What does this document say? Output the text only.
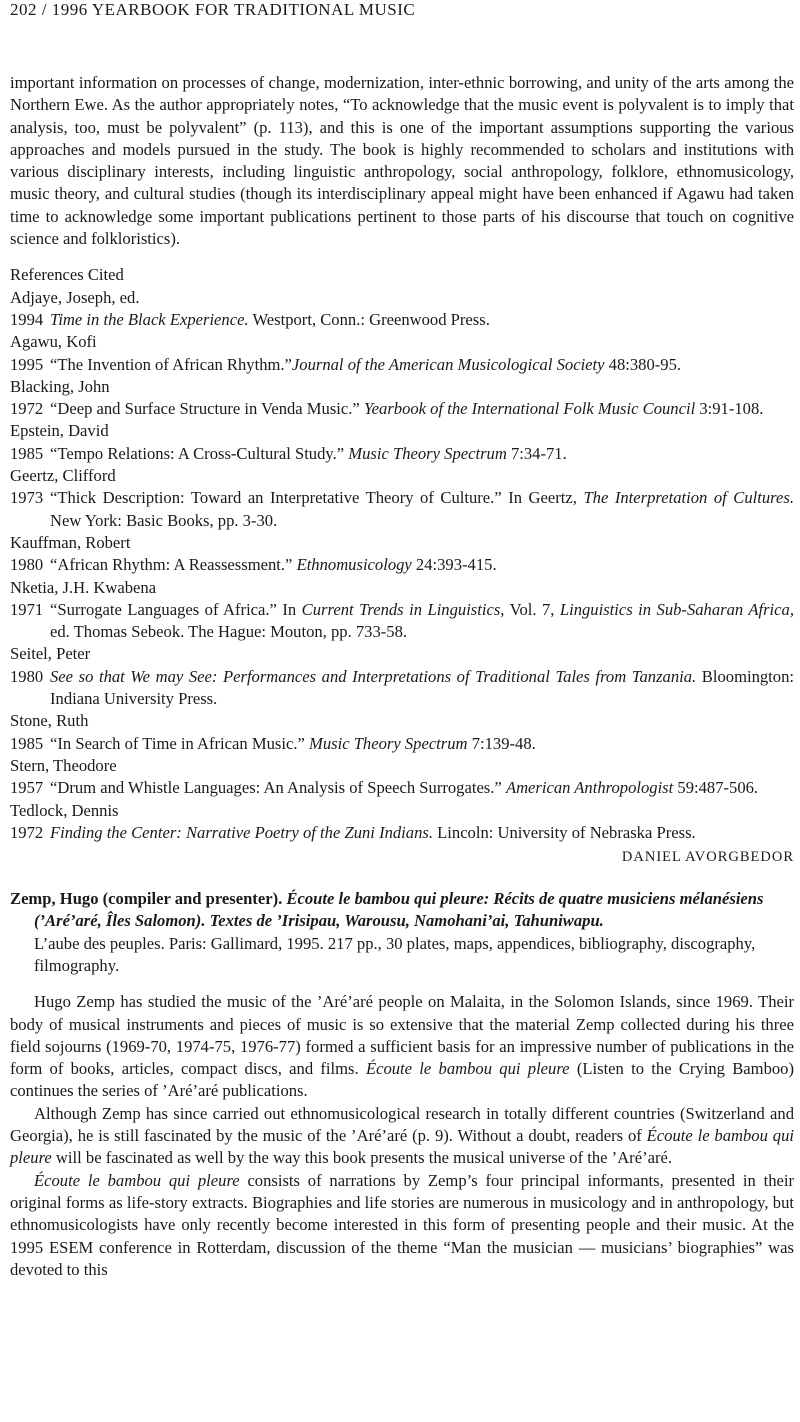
202 / 1996 YEARBOOK FOR TRADITIONAL MUSIC

important information on processes of change, modernization, inter-ethnic borrowing, and unity of the arts among the Northern Ewe. As the author appropriately notes, “To acknowledge that the music event is polyvalent is to imply that analysis, too, must be polyvalent” (p. 113), and this is one of the important assumptions supporting the various approaches and models pursued in the study. The book is highly recommended to scholars and institutions with various disciplinary interests, including linguistic anthropology, social anthropology, folklore, ethnomusicology, music theory, and cultural studies (though its interdisciplinary appeal might have been enhanced if Agawu had taken time to acknowledge some important publications pertinent to those parts of his discourse that touch on cognitive science and folkloristics).

References Cited
Adjaye, Joseph, ed.
1994 Time in the Black Experience. Westport, Conn.: Greenwood Press.
Agawu, Kofi
1995 “The Invention of African Rhythm.”Journal of the American Musicological Society 48:380-95.
Blacking, John
1972 “Deep and Surface Structure in Venda Music.” Yearbook of the International Folk Music Council 3:91-108.
Epstein, David
1985 “Tempo Relations: A Cross-Cultural Study.” Music Theory Spectrum 7:34-71.
Geertz, Clifford
1973 “Thick Description: Toward an Interpretative Theory of Culture.” In Geertz, The Interpretation of Cultures. New York: Basic Books, pp. 3-30.
Kauffman, Robert
1980 “African Rhythm: A Reassessment.” Ethnomusicology 24:393-415.
Nketia, J.H. Kwabena
1971 “Surrogate Languages of Africa.” In Current Trends in Linguistics, Vol. 7, Linguistics in Sub-Saharan Africa, ed. Thomas Sebeok. The Hague: Mouton, pp. 733-58.
Seitel, Peter
1980 See so that We may See: Performances and Interpretations of Traditional Tales from Tanzania. Bloomington: Indiana University Press.
Stone, Ruth
1985 “In Search of Time in African Music.” Music Theory Spectrum 7:139-48.
Stern, Theodore
1957 “Drum and Whistle Languages: An Analysis of Speech Surrogates.” American Anthropologist 59:487-506.
Tedlock, Dennis
1972 Finding the Center: Narrative Poetry of the Zuni Indians. Lincoln: University of Nebraska Press.
DANIEL AVORGBEDOR
Zemp, Hugo (compiler and presenter). Écoute le bambou qui pleure: Récits de quatre musiciens mélanésiens (’Aré’aré, Îles Salomon). Textes de ’Irisipau, Warousu, Namohani’ai, Tahuniwapu.
L’aube des peuples. Paris: Gallimard, 1995. 217 pp., 30 plates, maps, appendices, bibliography, discography, filmography.

Hugo Zemp has studied the music of the ’Aré’aré people on Malaita, in the Solomon Islands, since 1969. Their body of musical instruments and pieces of music is so extensive that the material Zemp collected during his three field sojourns (1969-70, 1974-75, 1976-77) formed a sufficient basis for an impressive number of publications in the form of books, articles, compact discs, and films. Écoute le bambou qui pleure (Listen to the Crying Bamboo) continues the series of ’Aré’aré publications.

Although Zemp has since carried out ethnomusicological research in totally different countries (Switzerland and Georgia), he is still fascinated by the music of the ’Aré’aré (p. 9). Without a doubt, readers of Écoute le bambou qui pleure will be fascinated as well by the way this book presents the musical universe of the ’Aré’aré.

Écoute le bambou qui pleure consists of narrations by Zemp’s four principal informants, presented in their original forms as life-story extracts. Biographies and life stories are numerous in musicology and in anthropology, but ethnomusicologists have only recently become interested in this form of presenting people and their music. At the 1995 ESEM conference in Rotterdam, discussion of the theme “Man the musician — musicians’ biographies” was devoted to this
